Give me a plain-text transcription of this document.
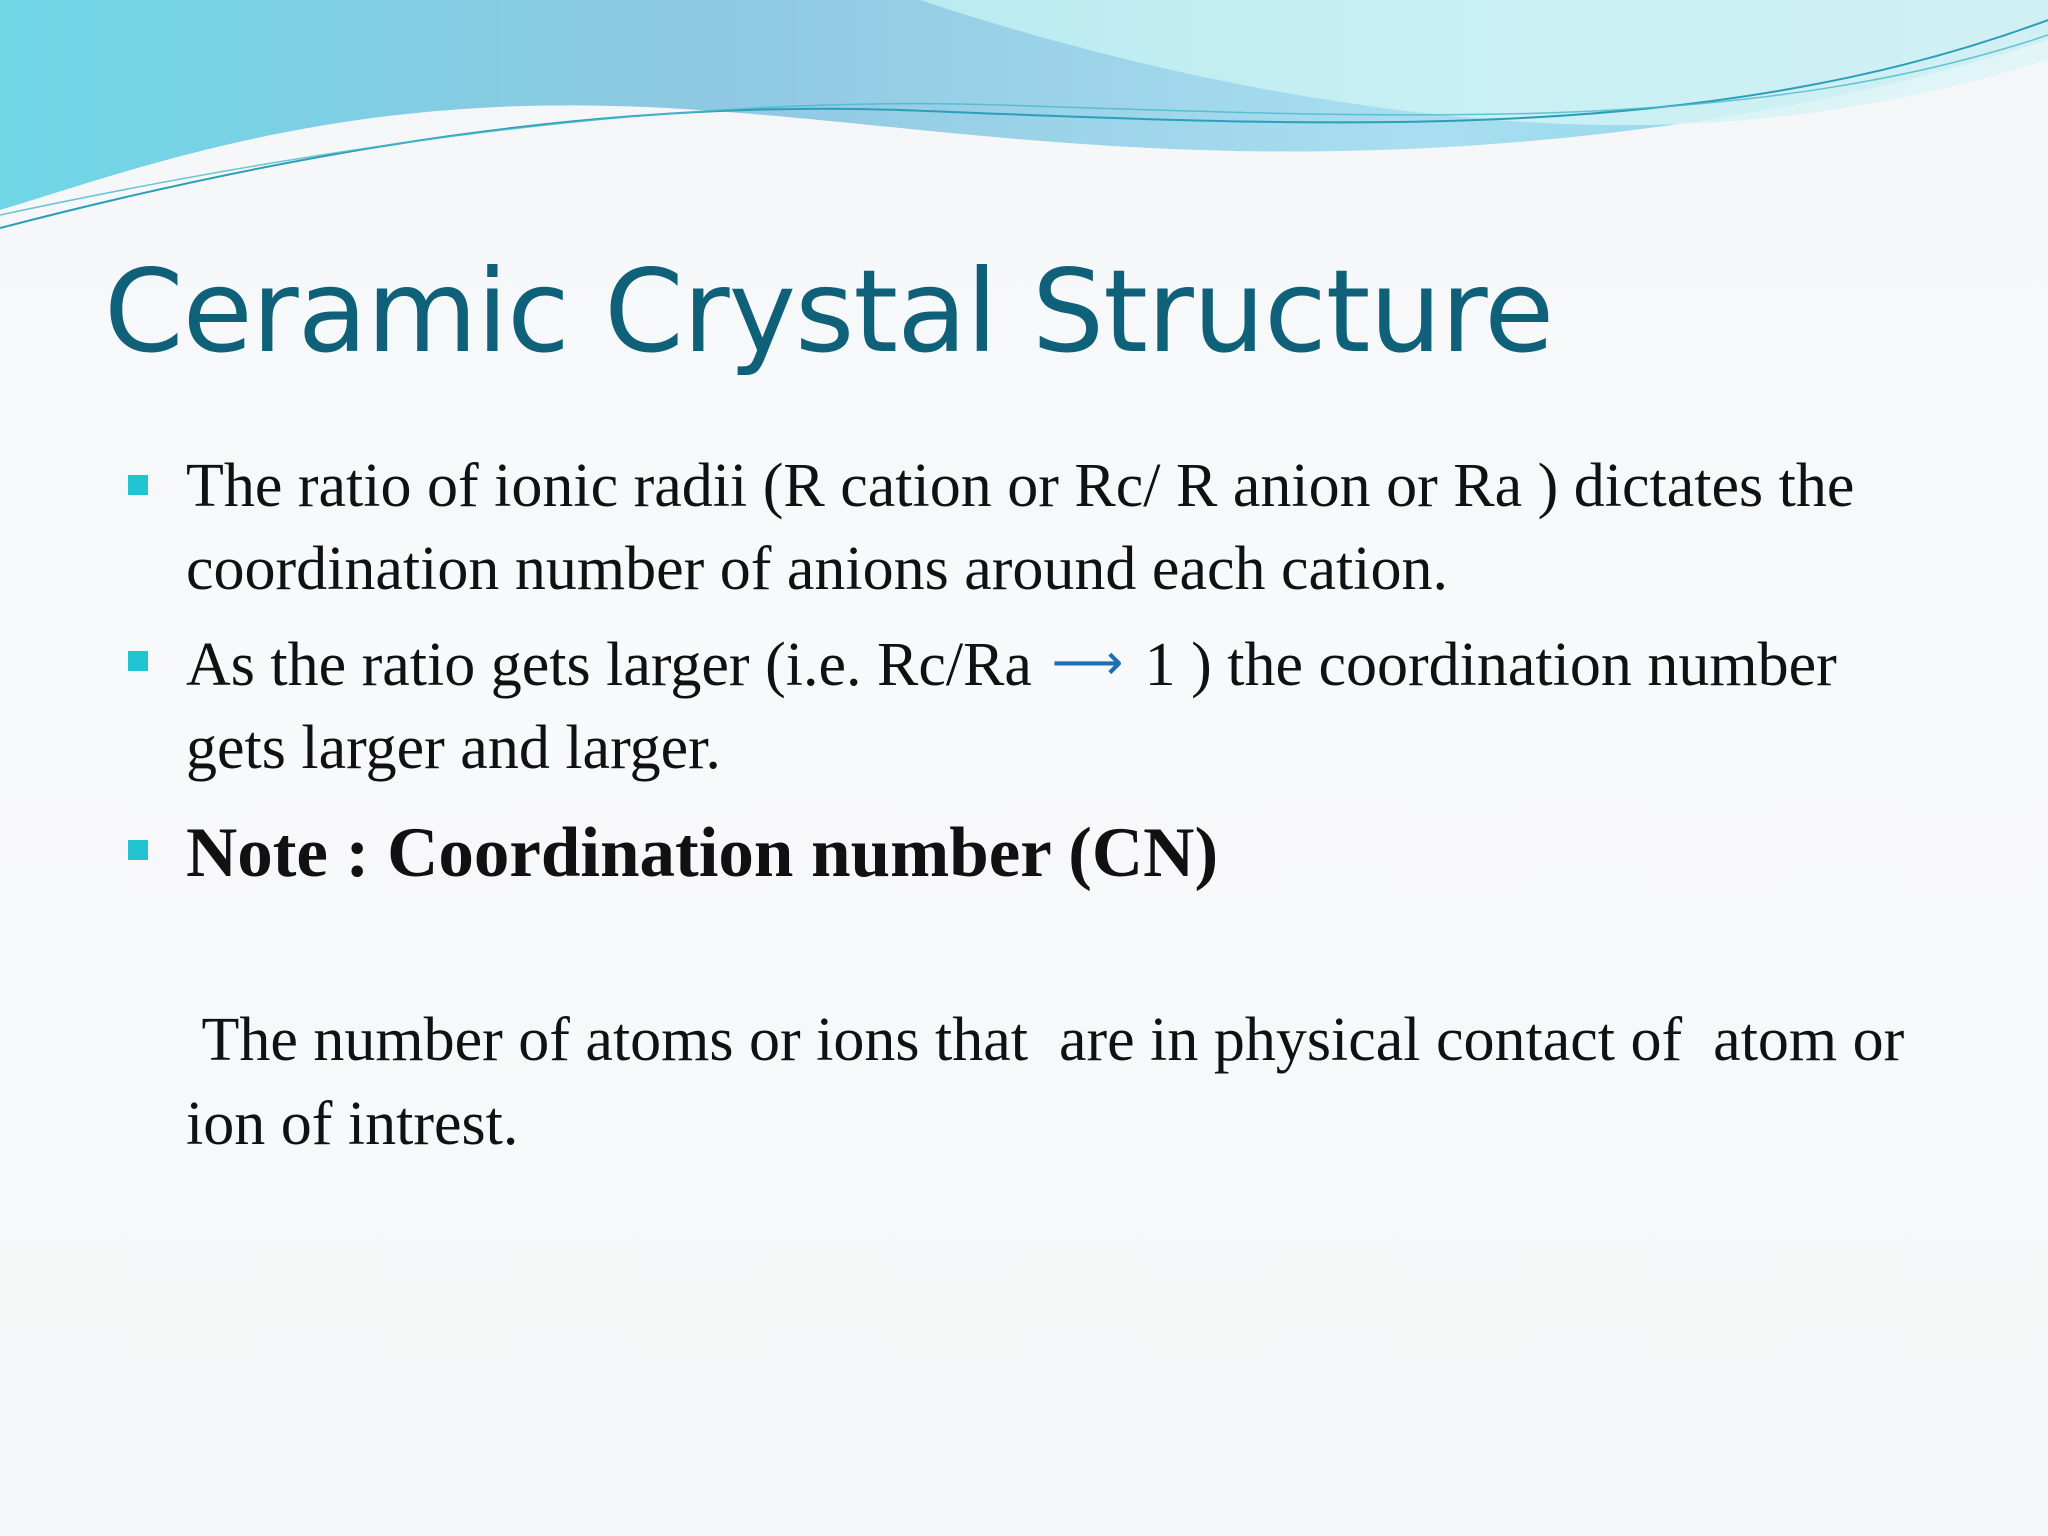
Ceramic Crystal Structure
The ratio of ionic radii (R cation or Rc/ R anion or Ra ) dictates the coordination number of anions around each cation.
As the ratio gets larger (i.e. Rc/Ra ⟶ 1 ) the coordination number gets larger and larger.
Note : Coordination number (CN)
The number of atoms or ions that  are in physical contact of  atom or ion of intrest.
